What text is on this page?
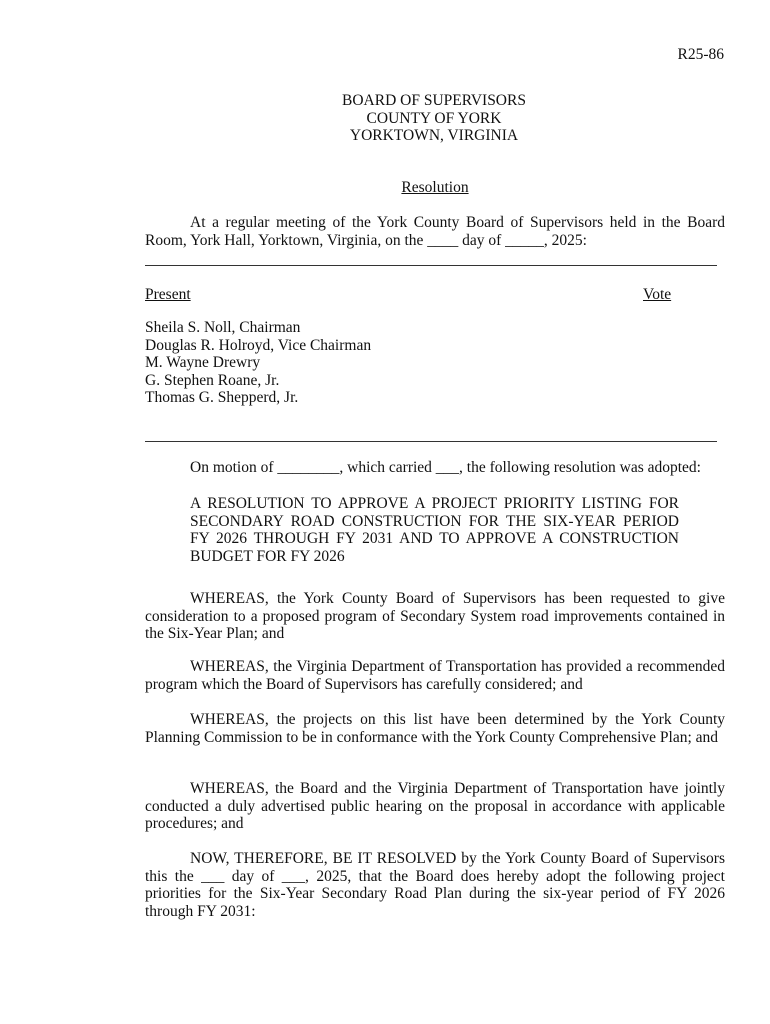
R25-86
BOARD OF SUPERVISORS
COUNTY OF YORK
YORKTOWN, VIRGINIA
Resolution
At a regular meeting of the York County Board of Supervisors held in the Board Room, York Hall, Yorktown, Virginia, on the ____ day of _____, 2025:
Present	Vote
Sheila S. Noll, Chairman
Douglas R. Holroyd, Vice Chairman
M. Wayne Drewry
G. Stephen Roane, Jr.
Thomas G. Shepperd, Jr.
On motion of ________, which carried ___, the following resolution was adopted:
A RESOLUTION TO APPROVE A PROJECT PRIORITY LISTING FOR SECONDARY ROAD CONSTRUCTION FOR THE SIX-YEAR PERIOD FY 2026 THROUGH FY 2031 AND TO APPROVE A CONSTRUCTION BUDGET FOR FY 2026
WHEREAS, the York County Board of Supervisors has been requested to give consideration to a proposed program of Secondary System road improvements contained in the Six-Year Plan; and
WHEREAS, the Virginia Department of Transportation has provided a recommended program which the Board of Supervisors has carefully considered; and
WHEREAS, the projects on this list have been determined by the York County Planning Commission to be in conformance with the York County Comprehensive Plan; and
WHEREAS, the Board and the Virginia Department of Transportation have jointly conducted a duly advertised public hearing on the proposal in accordance with applicable procedures; and
NOW, THEREFORE, BE IT RESOLVED by the York County Board of Supervisors this the ___ day of ___, 2025, that the Board does hereby adopt the following project priorities for the Six-Year Secondary Road Plan during the six-year period of FY 2026 through FY 2031:
